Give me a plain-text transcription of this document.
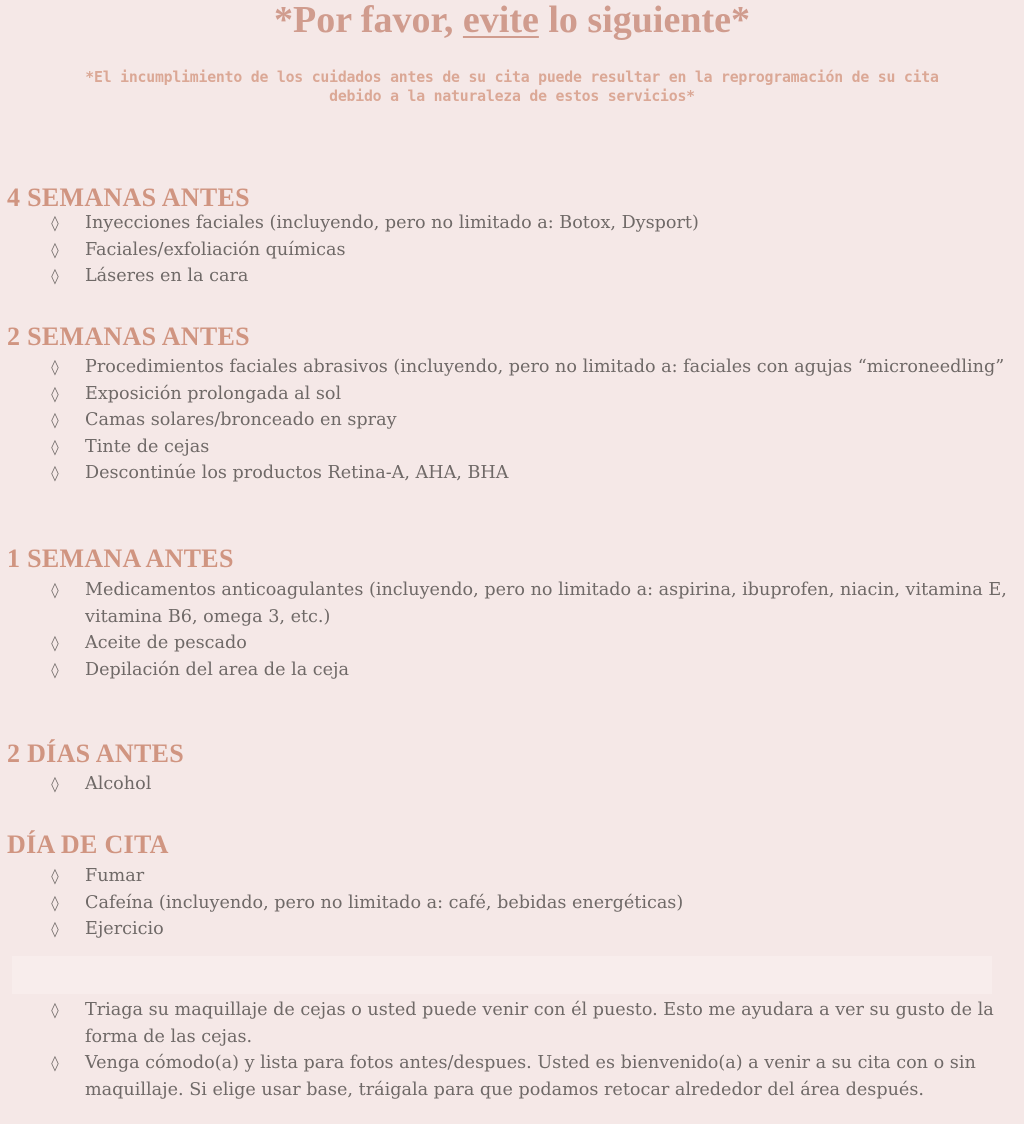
*Por favor, evite lo siguiente*

*El incumplimiento de los cuidados antes de su cita puede resultar en la reprogramación de su cita
debido a la naturaleza de estos servicios*

4 SEMANAS ANTES
◊	Inyecciones faciales (incluyendo, pero no limitado a: Botox, Dysport)
◊	Faciales/exfoliación químicas
◊	Láseres en la cara
2 SEMANAS ANTES
◊	Procedimientos faciales abrasivos (incluyendo, pero no limitado a: faciales con agujas “microneedling”
◊	Exposición prolongada al sol
◊	Camas solares/bronceado en spray
◊	Tinte de cejas
◊	Descontinúe los productos Retina-A, AHA, BHA
1 SEMANA ANTES
◊	Medicamentos anticoagulantes (incluyendo, pero no limitado a: aspirina, ibuprofen, niacin, vitamina E, vitamina B6, omega 3, etc.)
◊	Aceite de pescado
◊	Depilación del area de la ceja
2 DÍAS ANTES
◊	Alcohol
DÍA DE CITA
◊	Fumar
◊	Cafeína (incluyendo, pero no limitado a: café, bebidas energéticas)
◊	Ejercicio
◊	Triaga su maquillaje de cejas o usted puede venir con él puesto. Esto me ayudara a ver su gusto de la forma de las cejas.
◊	Venga cómodo(a) y lista para fotos antes/despues. Usted es bienvenido(a) a venir a su cita con o sin maquillaje. Si elige usar base, tráigala para que podamos retocar alrededor del área después.
